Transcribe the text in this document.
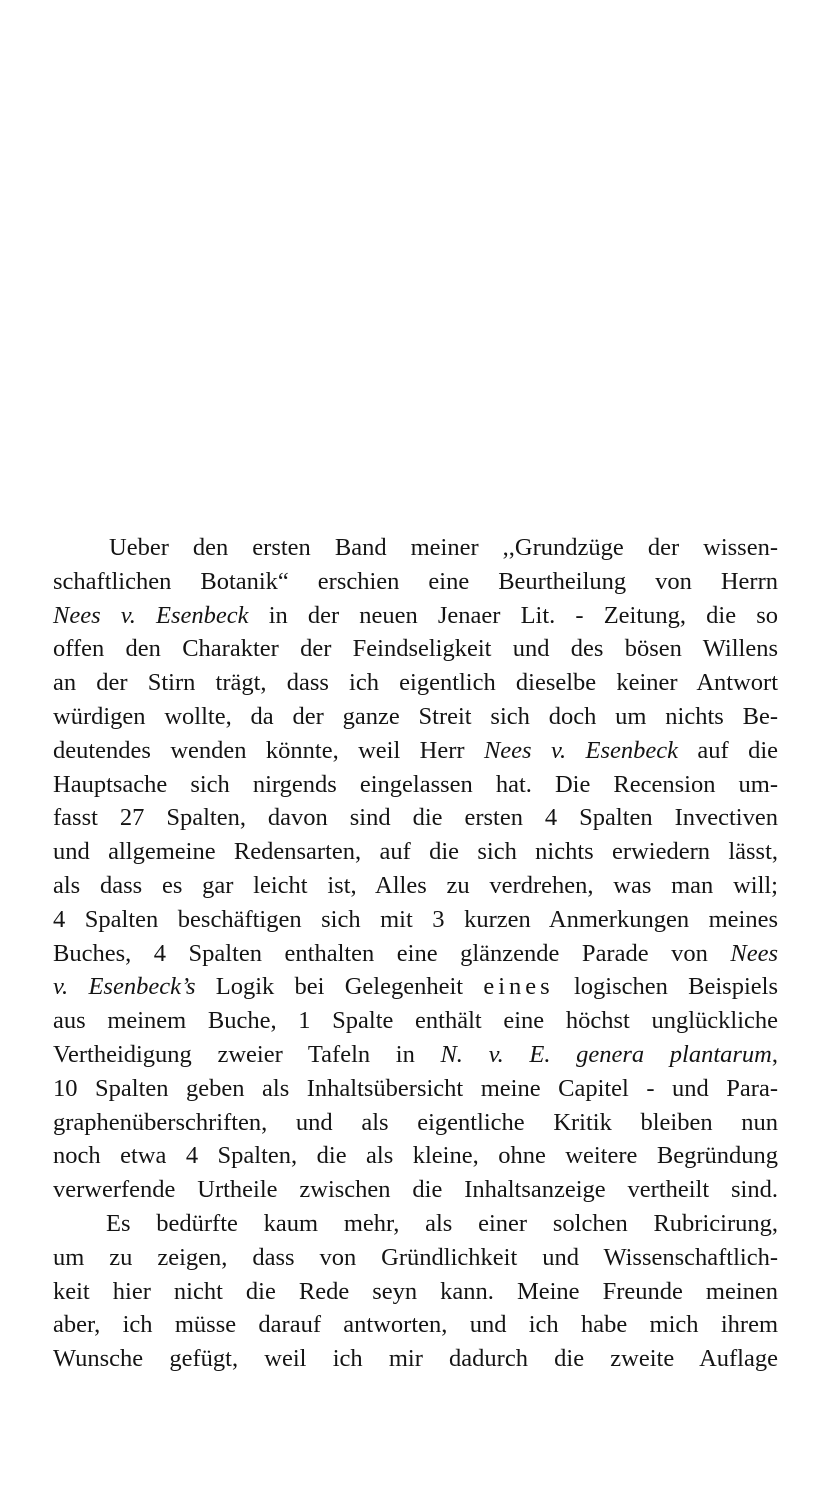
Ueber den ersten Band meiner ,,Grundzüge der wissen-
schaftlichen Botanik“ erschien eine Beurtheilung von Herrn
Nees v. Esenbeck in der neuen Jenaer Lit. - Zeitung, die so
offen den Charakter der Feindseligkeit und des bösen Willens
an der Stirn trägt, dass ich eigentlich dieselbe keiner Antwort
würdigen wollte, da der ganze Streit sich doch um nichts Be-
deutendes wenden könnte, weil Herr Nees v. Esenbeck auf die
Hauptsache sich nirgends eingelassen hat. Die Recension um-
fasst 27 Spalten, davon sind die ersten 4 Spalten Invectiven
und allgemeine Redensarten, auf die sich nichts erwiedern lässt,
als dass es gar leicht ist, Alles zu verdrehen, was man will;
4 Spalten beschäftigen sich mit 3 kurzen Anmerkungen meines
Buches, 4 Spalten enthalten eine glänzende Parade von Nees
v. Esenbeck’s Logik bei Gelegenheit eines logischen Beispiels
aus meinem Buche, 1 Spalte enthält eine höchst unglückliche
Vertheidigung zweier Tafeln in N. v. E. genera plantarum,
10 Spalten geben als Inhaltsübersicht meine Capitel - und Para-
graphenüberschriften, und als eigentliche Kritik bleiben nun
noch etwa 4 Spalten, die als kleine, ohne weitere Begründung
verwerfende Urtheile zwischen die Inhaltsanzeige vertheilt sind.
Es bedürfte kaum mehr, als einer solchen Rubricirung,
um zu zeigen, dass von Gründlichkeit und Wissenschaftlich-
keit hier nicht die Rede seyn kann. Meine Freunde meinen
aber, ich müsse darauf antworten, und ich habe mich ihrem
Wunsche gefügt, weil ich mir dadurch die zweite Auflage
